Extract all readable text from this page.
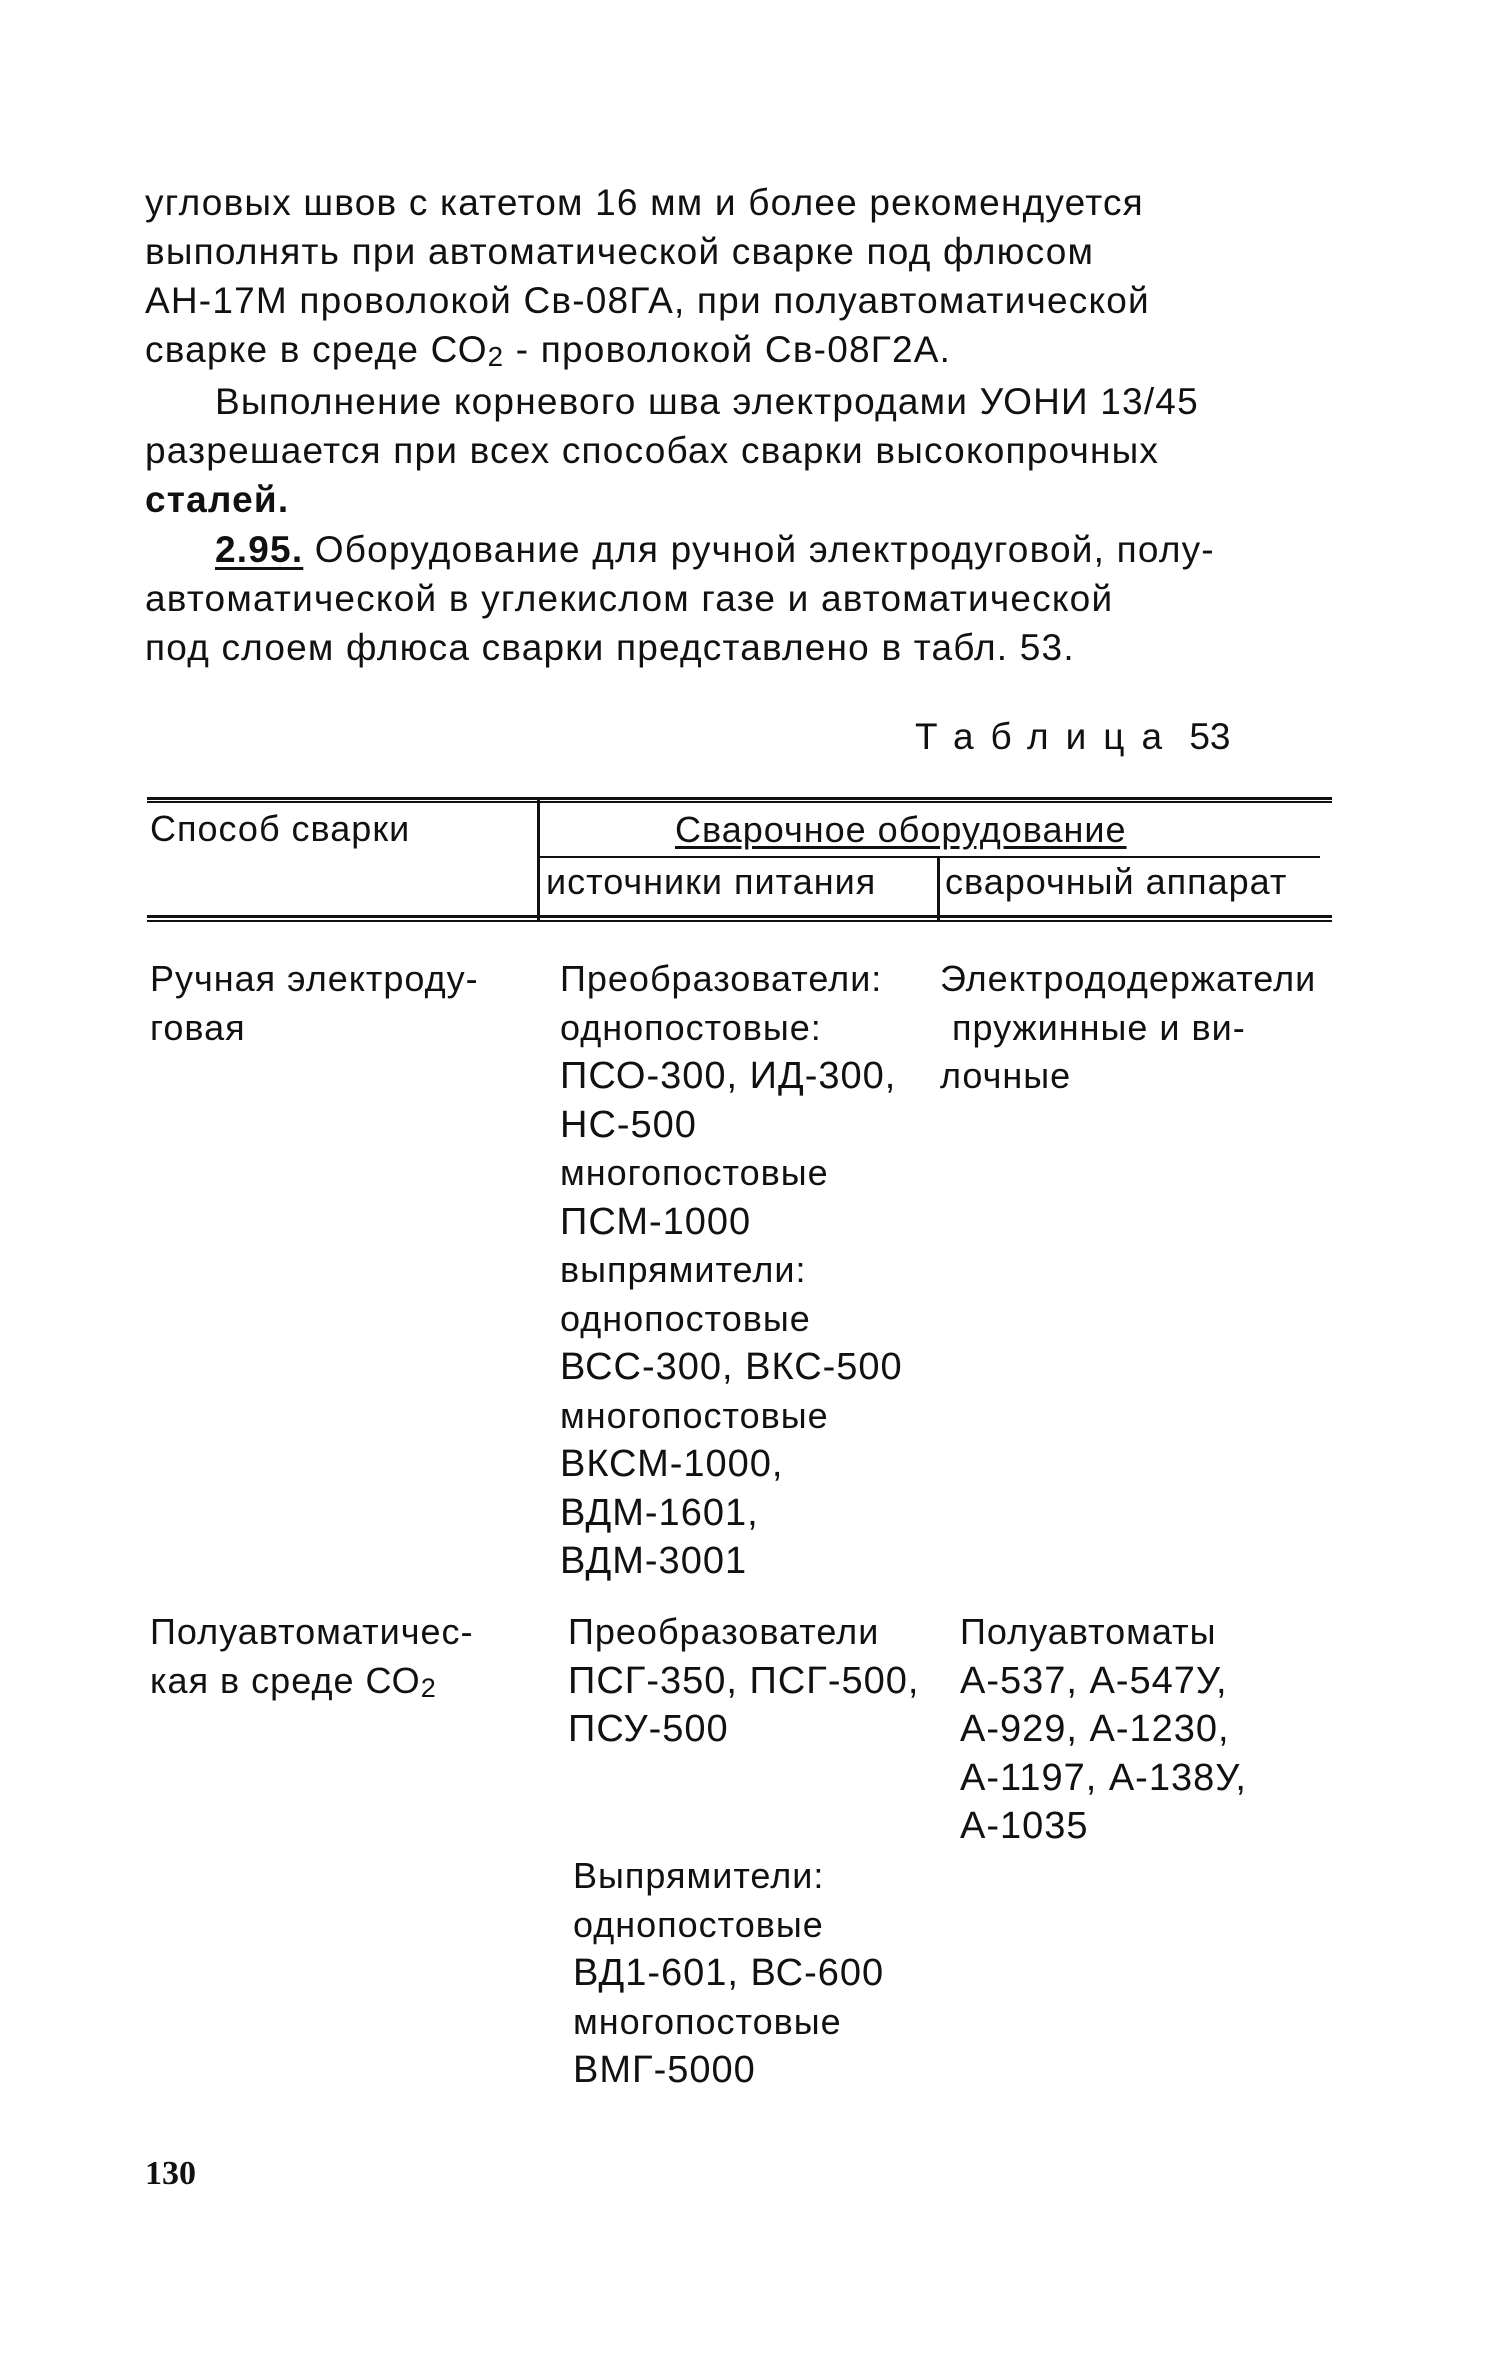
угловых швов с катетом 16 мм и более рекомендуется
выполнять при автоматической сварке под флюсом
АН-17М проволокой Св-08ГА, при полуавтоматической
сварке в среде $СО_2$ - проволокой Св-08Г2А.
Выполнение корневого шва электродами УОНИ 13/45
разрешается при всех способах сварки высокопрочных
сталей.
2.95. Оборудование для ручной электродуговой, полу-
автоматической в углекислом газе и автоматической
под слоем флюса сварки представлено в табл. 53.
Таблица 53
Способ сварки	Сварочное оборудование
источники питания сварочный аппарат
Ручная электроду-
говая
Преобразователи:
однопостовые:
ПСО-300, ИД-300,
НС-500
многопостовые
ПСМ-1000
выпрямители:
однопостовые
ВСС-300, ВКС-500
многопостовые
ВКСМ-1000,
ВДМ-1601,
ВДМ-3001
Электрододержатели
пружинные и ви-
лочные
Полуавтоматичес-
кая в среде $СО_2$
Преобразователи
ПСГ-350, ПСГ-500,
ПСУ-500
Полуавтоматы
А-537, А-547У,
А-929, А-1230,
А-1197, А-138У,
А-1035
Выпрямители:
однопостовые
ВД1-601, ВС-600
многопостовые
ВМГ-5000
130
